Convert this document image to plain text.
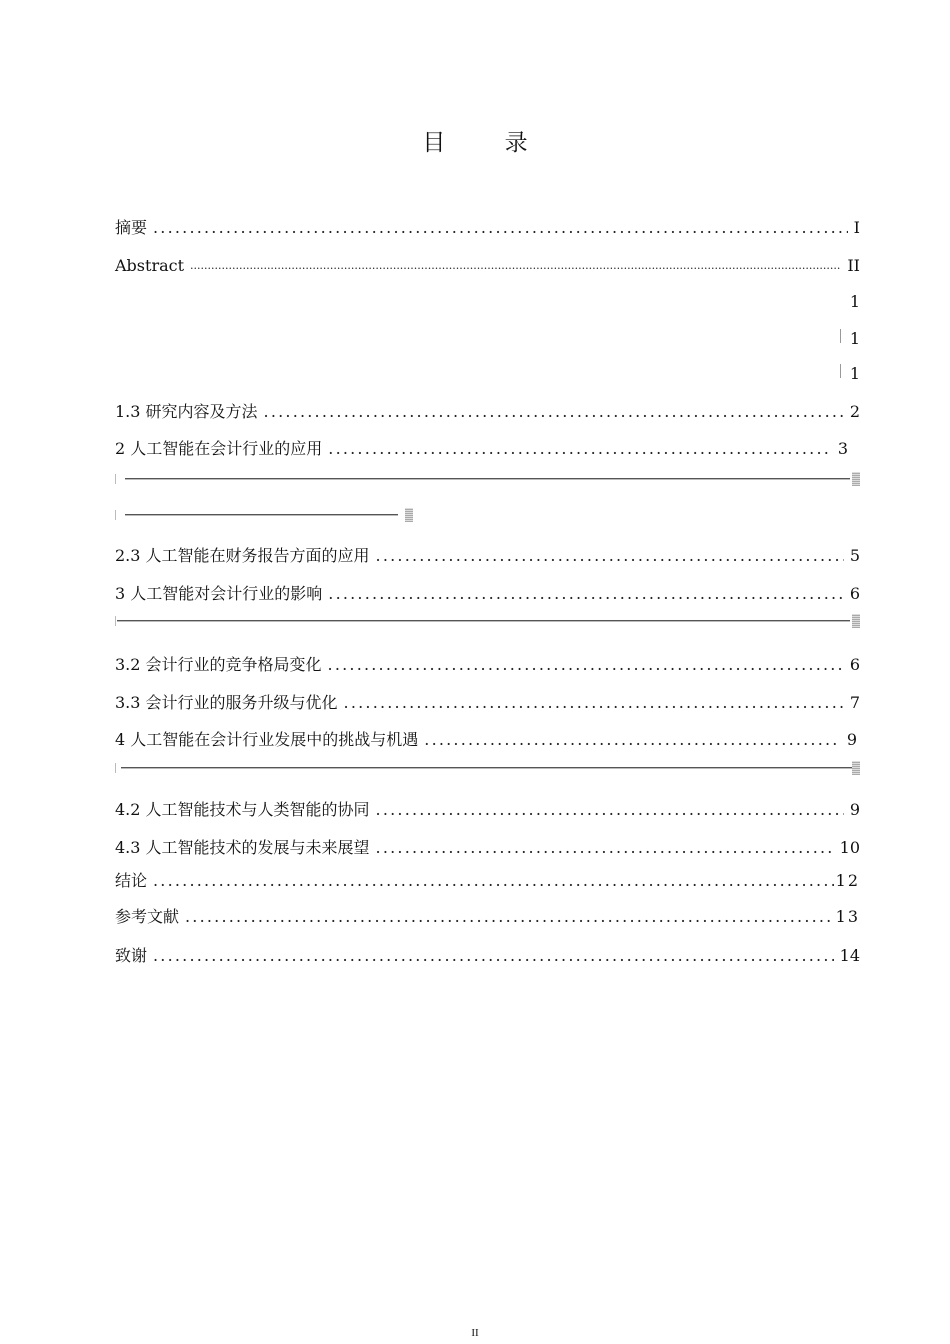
目 录
摘要 .....	I
Abstract .....	II
1
1
1
1.3 研究内容及方法 .....	2
2 人工智能在会计行业的应用 .....	3
2.3 人工智能在财务报告方面的应用 .....	5
3 人工智能对会计行业的影响 .....	6
3.2 会计行业的竞争格局变化 .....	6
3.3 会计行业的服务升级与优化 .....	7
4 人工智能在会计行业发展中的挑战与机遇 .....	9
4.2 人工智能技术与人类智能的协同 .....	9
4.3 人工智能技术的发展与未来展望 .....	10
结论 .....	12
参考文献 .....	13
致谢 .....	14
II
